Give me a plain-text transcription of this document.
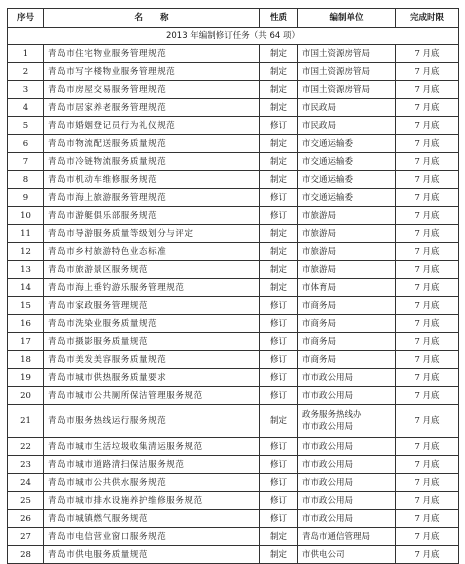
序号	名　　称	性质	编制单位	完成时限
2013 年编制修订任务（共 64 项）				
1	青岛市住宅物业服务管理规范	制定	市国土资源房管局	7 月底
2	青岛市写字楼物业服务管理规范	制定	市国土资源房管局	7 月底
3	青岛市房屋交易服务管理规范	制定	市国土资源房管局	7 月底
4	青岛市居家养老服务管理规范	制定	市民政局	7 月底
5	青岛市婚姻登记员行为礼仪规范	修订	市民政局	7 月底
6	青岛市物流配送服务质量规范	制定	市交通运输委	7 月底
7	青岛市冷链物流服务质量规范	制定	市交通运输委	7 月底
8	青岛市机动车维修服务规范	制定	市交通运输委	7 月底
9	青岛市海上旅游服务管理规范	修订	市交通运输委	7 月底
10	青岛市游艇俱乐部服务规范	修订	市旅游局	7 月底
11	青岛市导游服务质量等级划分与评定	制定	市旅游局	7 月底
12	青岛市乡村旅游特色业态标准	制定	市旅游局	7 月底
13	青岛市旅游景区服务规范	制定	市旅游局	7 月底
14	青岛市海上垂钓游乐服务管理规范	制定	市体育局	7 月底
15	青岛市家政服务管理规范	修订	市商务局	7 月底
16	青岛市洗染业服务质量规范	修订	市商务局	7 月底
17	青岛市摄影服务质量规范	修订	市商务局	7 月底
18	青岛市美发美容服务质量规范	修订	市商务局	7 月底
19	青岛市城市供热服务质量要求	修订	市市政公用局	7 月底
20	青岛市城市公共厕所保洁管理服务规范	修订	市市政公用局	7 月底
21	青岛市服务热线运行服务规范	制定	政务服务热线办
市市政公用局	7 月底
22	青岛市城市生活垃圾收集清运服务规范	修订	市市政公用局	7 月底
23	青岛市城市道路清扫保洁服务规范	修订	市市政公用局	7 月底
24	青岛市城市公共供水服务规范	修订	市市政公用局	7 月底
25	青岛市城市排水设施养护维修服务规范	修订	市市政公用局	7 月底
26	青岛市城镇燃气服务规范	修订	市市政公用局	7 月底
27	青岛市电信营业窗口服务规范	制定	青岛市通信管理局	7 月底
28	青岛市供电服务质量规范	制定	市供电公司	7 月底
